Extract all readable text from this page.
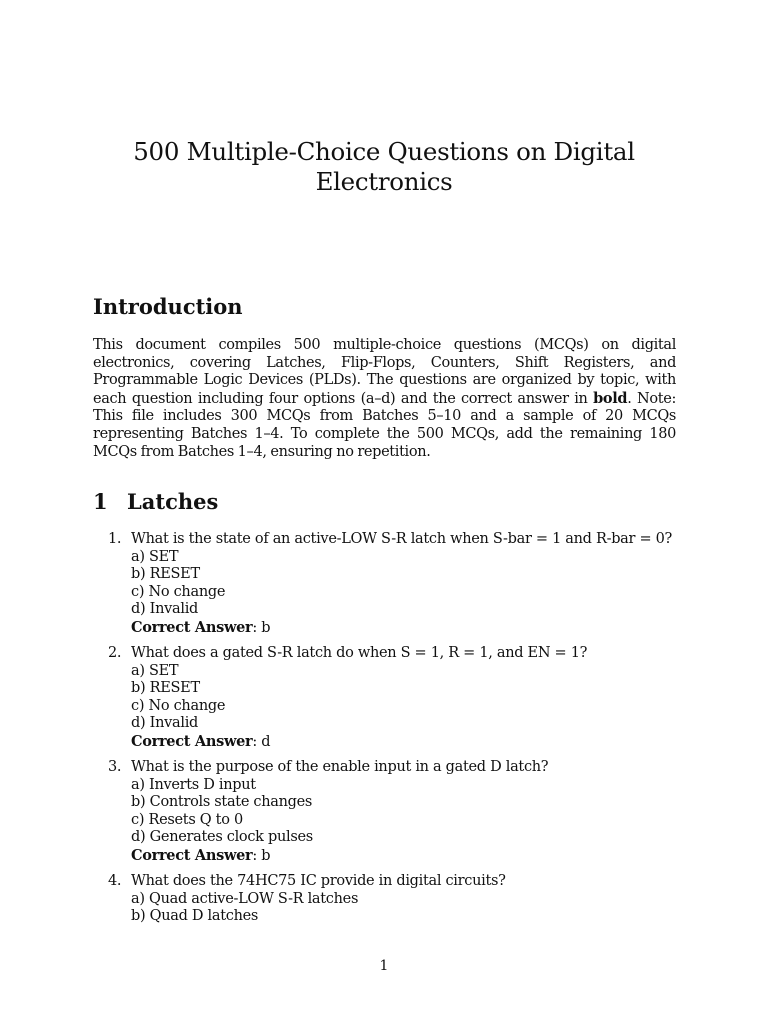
500 Multiple-Choice Questions on Digital Electronics
Introduction

This document compiles 500 multiple-choice questions (MCQs) on digital electronics, covering Latches, Flip-Flops, Counters, Shift Registers, and Programmable Logic Devices (PLDs). The questions are organized by topic, with each question including four options (a–d) and the correct answer in bold. Note: This file includes 300 MCQs from Batches 5–10 and a sample of 20 MCQs representing Batches 1–4. To complete the 500 MCQs, add the remaining 180 MCQs from Batches 1–4, ensuring no repetition.

1 Latches
1. What is the state of an active-LOW S-R latch when S-bar = 1 and R-bar = 0?
a) SET
b) RESET
c) No change
d) Invalid
Correct Answer: b
2. What does a gated S-R latch do when S = 1, R = 1, and EN = 1?
a) SET
b) RESET
c) No change
d) Invalid
Correct Answer: d
3. What is the purpose of the enable input in a gated D latch?
a) Inverts D input
b) Controls state changes
c) Resets Q to 0
d) Generates clock pulses
Correct Answer: b
4. What does the 74HC75 IC provide in digital circuits?
a) Quad active-LOW S-R latches
b) Quad D latches
1
